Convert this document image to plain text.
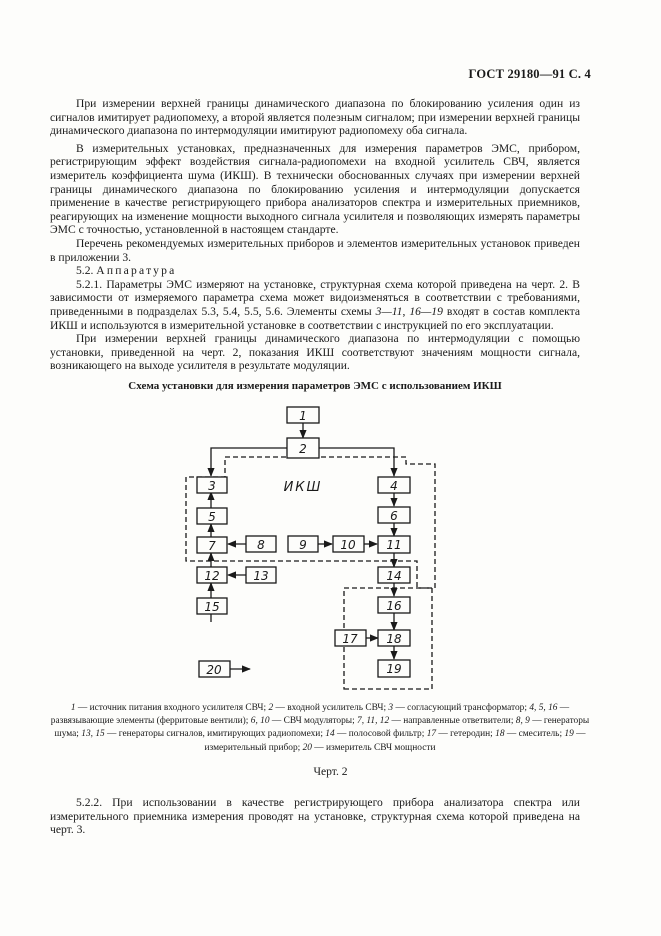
ГОСТ 29180—91 С. 4

При измерении верхней границы динамического диапазона по блокированию усиления один из сигналов имитирует радиопомеху, а второй является полезным сигналом; при измерении верхней границы динамического диапазона по интермодуляции имитируют радиопомеху оба сигнала.

В измерительных установках, предназначенных для измерения параметров ЭМС, прибором, регистрирующим эффект воздействия сигнала-радиопомехи на входной усилитель СВЧ, является измеритель коэффициента шума (ИКШ). В технически обоснованных случаях при измерении верхней границы динамического диапазона по блокированию усиления и интермодуляции допускается применение в качестве регистрирующего прибора анализаторов спектра и измерительных приемников, реагирующих на изменение мощности выходного сигнала усилителя и позволяющих измерять параметры ЭМС с точностью, установленной в настоящем стандарте.

Перечень рекомендуемых измерительных приборов и элементов измерительных установок приведен в приложении 3.

5.2. Аппаратура

5.2.1. Параметры ЭМС измеряют на установке, структурная схема которой приведена на черт. 2. В зависимости от измеряемого параметра схема может видоизменяться в соответствии с требованиями, приведенными в подразделах 5.3, 5.4, 5.5, 5.6. Элементы схемы 3—11, 16—19 входят в состав комплекта ИКШ и используются в измерительной установке в соответствии с инструкцией по его эксплуатации.

При измерении верхней границы динамического диапазона по интермодуляции с помощью установки, приведенной на черт. 2, показания ИКШ соответствуют значениям мощности сигнала, возникающего на выходе усилителя в результате модуляции.

Схема установки для измерения параметров ЭМС с использованием ИКШ
1
2
3	4
5	6
7	8	9	10	11
12	13	14
15	16
17 18
19
20
ИКШ
1 — источник питания входного усилителя СВЧ; 2 — входной усилитель СВЧ; 3 — согласующий трансформатор; 4, 5, 16 — развязывающие элементы (ферритовые вентили); 6, 10 — СВЧ модуляторы; 7, 11, 12 — направленные ответвители; 8, 9 — генераторы шума; 13, 15 — генераторы сигналов, имитирующих радиопомехи; 14 — полосовой фильтр; 17 — гетеродин; 18 — смеситель; 19 — измерительный прибор; 20 — измеритель СВЧ мощности
Черт. 2

5.2.2. При использовании в качестве регистрирующего прибора анализатора спектра или измерительного приемника измерения проводят на установке, структурная схема которой приведена на черт. 3.
